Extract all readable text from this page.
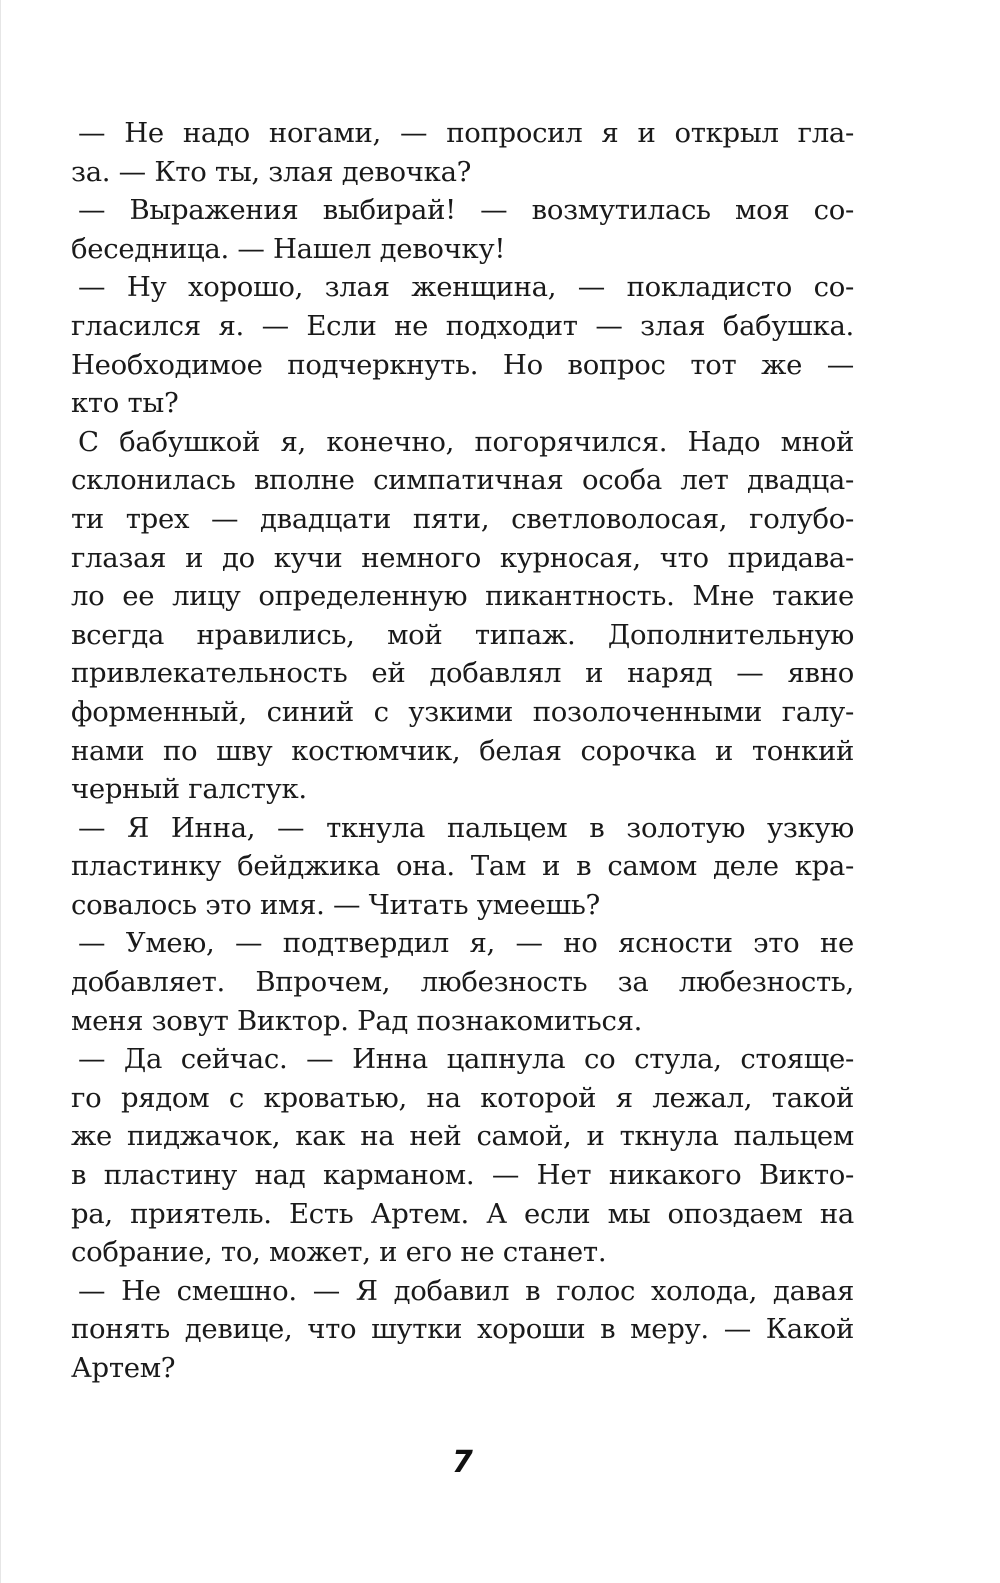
— Не надо ногами, — попросил я и открыл гла-
за. — Кто ты, злая девочка?
— Выражения выбирай! — возмутилась моя со-
беседница. — Нашел девочку!
— Ну хорошо, злая женщина, — покладисто со-
гласился я. — Если не подходит — злая бабушка.
Необходимое подчеркнуть. Но вопрос тот же —
кто ты?
С бабушкой я, конечно, погорячился. Надо мной
склонилась вполне симпатичная особа лет двадца-
ти трех — двадцати пяти, светловолосая, голубо-
глазая и до кучи немного курносая, что придава-
ло ее лицу определенную пикантность. Мне такие
всегда нравились, мой типаж. Дополнительную
привлекательность ей добавлял и наряд — явно
форменный, синий с узкими позолоченными галу-
нами по шву костюмчик, белая сорочка и тонкий
черный галстук.
— Я Инна, — ткнула пальцем в золотую узкую
пластинку бейджика она. Там и в самом деле кра-
совалось это имя. — Читать умеешь?
— Умею, — подтвердил я, — но ясности это не
добавляет. Впрочем, любезность за любезность,
меня зовут Виктор. Рад познакомиться.
— Да сейчас. — Инна цапнула со стула, стояще-
го рядом с кроватью, на которой я лежал, такой
же пиджачок, как на ней самой, и ткнула пальцем
в пластину над карманом. — Нет никакого Викто-
ра, приятель. Есть Артем. А если мы опоздаем на
собрание, то, может, и его не станет.
— Не смешно. — Я добавил в голос холода, давая
понять девице, что шутки хороши в меру. — Какой
Артем?
7
